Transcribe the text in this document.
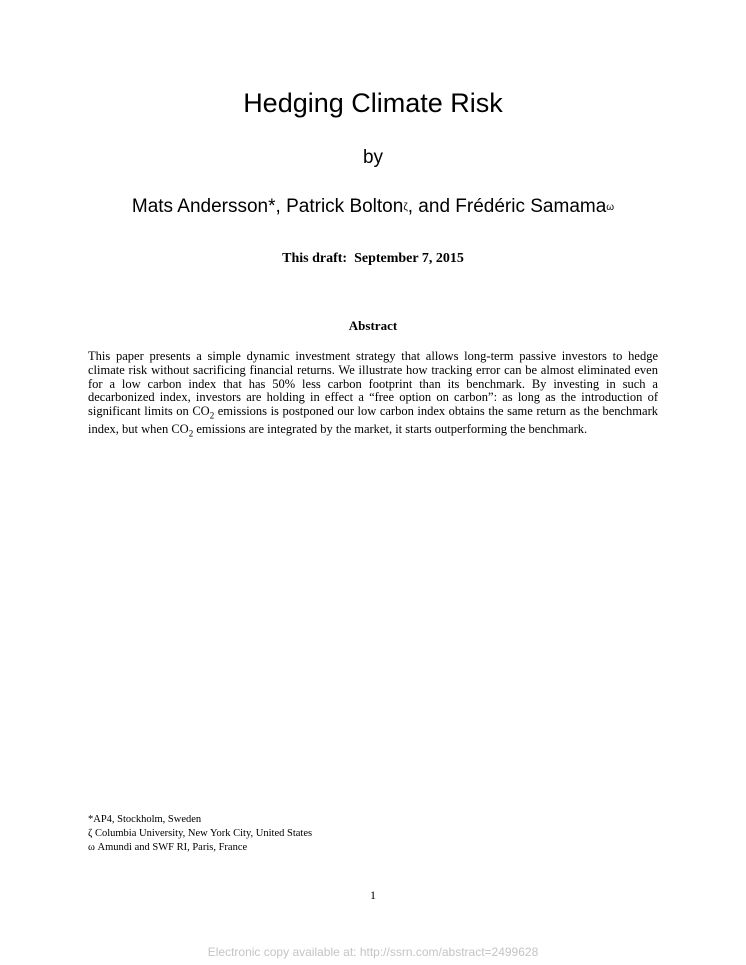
Hedging Climate Risk
by
Mats Andersson*, Patrick Bolton$^\zeta$, and Frédéric Samama$^\omega$
This draft:  September 7, 2015
Abstract
This paper presents a simple dynamic investment strategy that allows long-term passive investors to hedge climate risk without sacrificing financial returns. We illustrate how tracking error can be almost eliminated even for a low carbon index that has 50% less carbon footprint than its benchmark. By investing in such a decarbonized index, investors are holding in effect a “free option on carbon”: as long as the introduction of significant limits on $CO_2$ emissions is postponed our low carbon index obtains the same return as the benchmark index, but when $CO_2$ emissions are integrated by the market, it starts outperforming the benchmark.
*AP4, Stockholm, Sweden
ζ Columbia University, New York City, United States
ω Amundi and SWF RI, Paris, France
1
Electronic copy available at: http://ssrn.com/abstract=2499628
